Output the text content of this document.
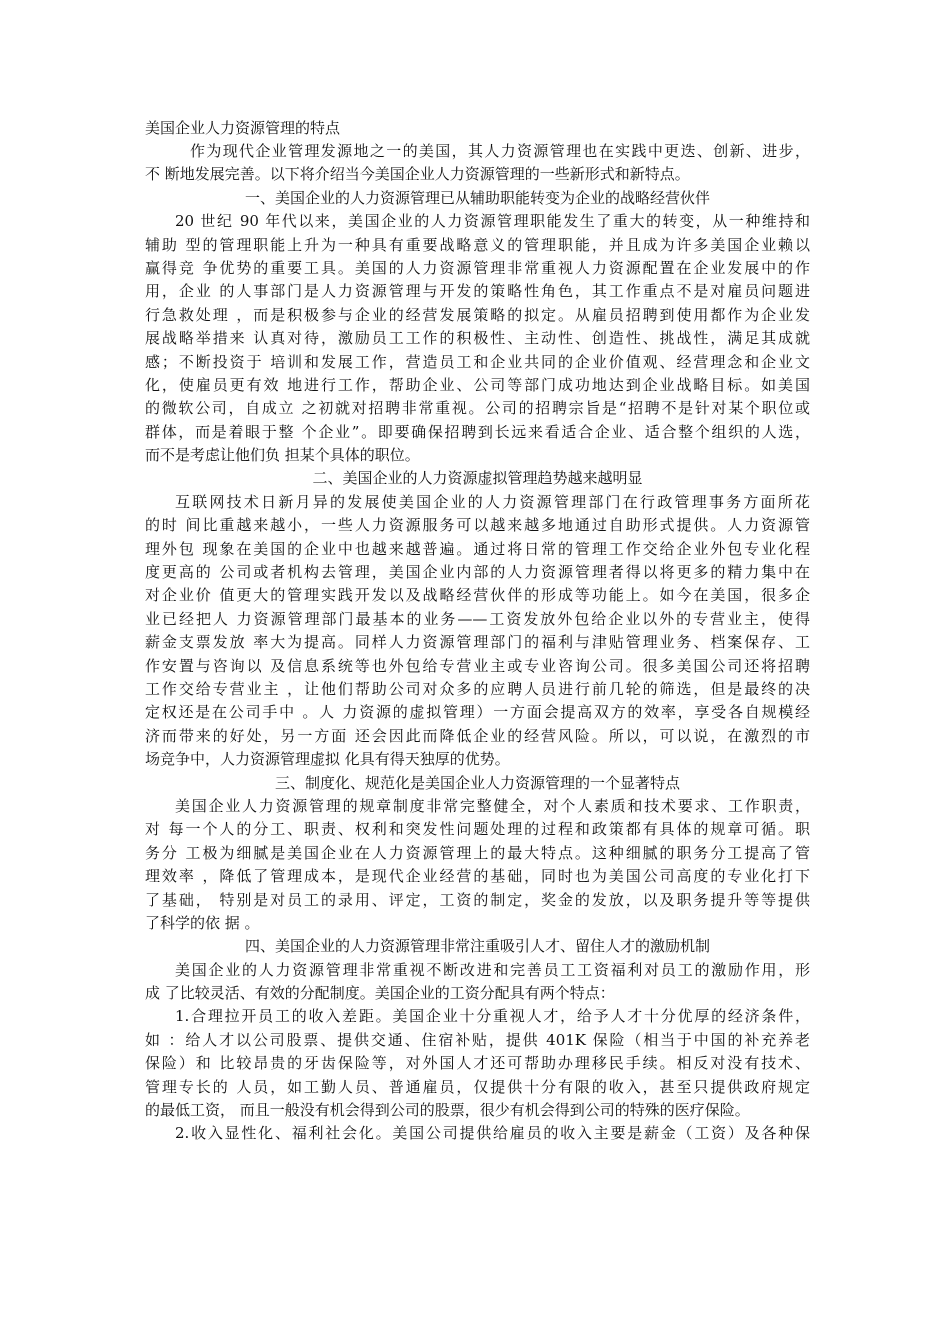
美国企业人力资源管理的特点

作为现代企业管理发源地之一的美国，其人力资源管理也在实践中更迭、创新、进步，
不 断地发展完善。以下将介绍当今美国企业人力资源管理的一些新形式和新特点。
一、美国企业的人力资源管理已从辅助职能转变为企业的战略经营伙伴
20 世纪 90 年代以来，美国企业的人力资源管理职能发生了重大的转变，从一种维持和
辅助 型的管理职能上升为一种具有重要战略意义的管理职能，并且成为许多美国企业赖以
赢得竞 争优势的重要工具。美国的人力资源管理非常重视人力资源配置在企业发展中的作
用，企业 的人事部门是人力资源管理与开发的策略性角色，其工作重点不是对雇员问题进
行急救处理 ，而是积极参与企业的经营发展策略的拟定。从雇员招聘到使用都作为企业发
展战略举措来 认真对待，激励员工工作的积极性、主动性、创造性、挑战性，满足其成就
感；不断投资于 培训和发展工作，营造员工和企业共同的企业价值观、经营理念和企业文
化，使雇员更有效 地进行工作，帮助企业、公司等部门成功地达到企业战略目标。如美国
的微软公司，自成立 之初就对招聘非常重视。公司的招聘宗旨是“招聘不是针对某个职位或
群体，而是着眼于整 个企业”。即要确保招聘到长远来看适合企业、适合整个组织的人选，
而不是考虑让他们负 担某个具体的职位。
二、美国企业的人力资源虚拟管理趋势越来越明显
互联网技术日新月异的发展使美国企业的人力资源管理部门在行政管理事务方面所花
的时 间比重越来越小，一些人力资源服务可以越来越多地通过自助形式提供。人力资源管
理外包 现象在美国的企业中也越来越普遍。通过将日常的管理工作交给企业外包专业化程
度更高的 公司或者机构去管理，美国企业内部的人力资源管理者得以将更多的精力集中在
对企业价 值更大的管理实践开发以及战略经营伙伴的形成等功能上。如今在美国，很多企
业已经把人 力资源管理部门最基本的业务——工资发放外包给企业以外的专营业主，使得
薪金支票发放 率大为提高。同样人力资源管理部门的福利与津贴管理业务、档案保存、工
作安置与咨询以 及信息系统等也外包给专营业主或专业咨询公司。很多美国公司还将招聘
工作交给专营业主 ，让他们帮助公司对众多的应聘人员进行前几轮的筛选，但是最终的决
定权还是在公司手中 。人 力资源的虚拟管理）一方面会提高双方的效率，享受各自规模经
济而带来的好处，另一方面 还会因此而降低企业的经营风险。所以，可以说，在激烈的市
场竞争中，人力资源管理虚拟 化具有得天独厚的优势。
三、制度化、规范化是美国企业人力资源管理的一个显著特点
美国企业人力资源管理的规章制度非常完整健全，对个人素质和技术要求、工作职责，
对 每一个人的分工、职责、权利和突发性问题处理的过程和政策都有具体的规章可循。职
务分 工极为细腻是美国企业在人力资源管理上的最大特点。这种细腻的职务分工提高了管
理效率 ，降低了管理成本，是现代企业经营的基础，同时也为美国公司高度的专业化打下
了基础， 特别是对员工的录用、评定，工资的制定，奖金的发放，以及职务提升等等提供
了科学的依 据 。
四、美国企业的人力资源管理非常注重吸引人才、留住人才的激励机制
美国企业的人力资源管理非常重视不断改进和完善员工工资福利对员工的激励作用，形
成 了比较灵活、有效的分配制度。美国企业的工资分配具有两个特点：
1.合理拉开员工的收入差距。美国企业十分重视人才，给予人才十分优厚的经济条件，
如 ：给人才以公司股票、提供交通、住宿补贴，提供 401K 保险（相当于中国的补充养老
保险）和 比较昂贵的牙齿保险等，对外国人才还可帮助办理移民手续。相反对没有技术、
管理专长的 人员，如工勤人员、普通雇员，仅提供十分有限的收入，甚至只提供政府规定
的最低工资， 而且一般没有机会得到公司的股票，很少有机会得到公司的特殊的医疗保险。
2.收入显性化、福利社会化。美国公司提供给雇员的收入主要是薪金（工资）及各种保
